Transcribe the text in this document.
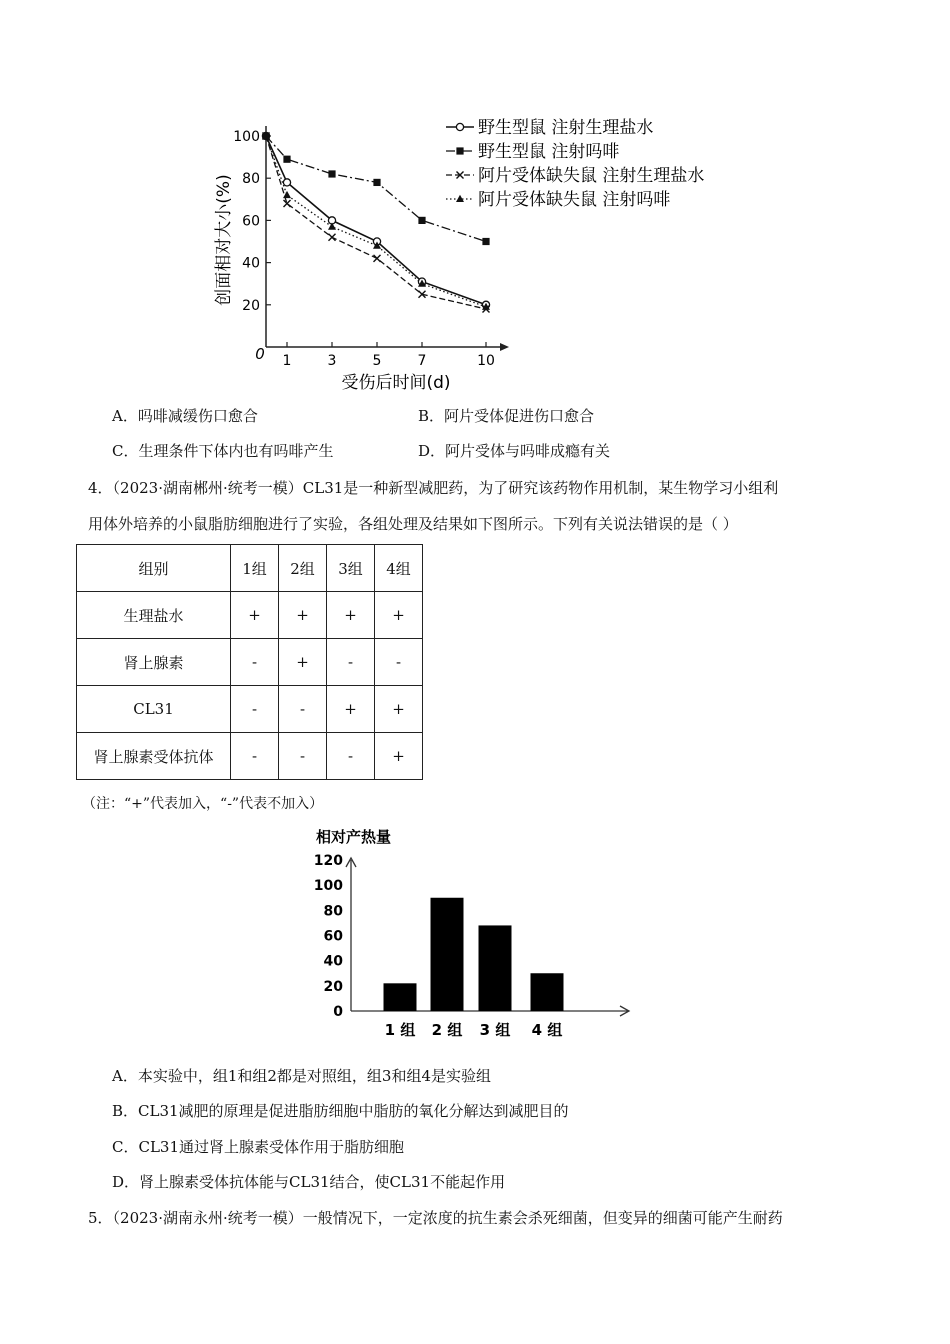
20
40
60
80
100
1	3	5	7	10
创面相对大小(%)
受伤后时间(d)
0
野生型鼠 注射生理盐水
野生型鼠 注射吗啡
阿片受体缺失鼠 注射生理盐水
阿片受体缺失鼠 注射吗啡
A．吗啡减缓伤口愈合	B．阿片受体促进伤口愈合
C．生理条件下体内也有吗啡产生	D．阿片受体与吗啡成瘾有关
4．（2023·湖南郴州·统考一模）CL31是一种新型减肥药，为了研究该药物作用机制，某生物学习小组利
用体外培养的小鼠脂肪细胞进行了实验，各组处理及结果如下图所示。下列有关说法错误的是（ ）
组别	1组	2组	3组	4组
生理盐水	+	+	+	+
肾上腺素	-	+	-	-
CL31	-	-	+	+
肾上腺素受体抗体	-	-	-	+
（注：“+”代表加入，“-”代表不加入）
相对产热量
0
20
40
60
80
100
120
1 组 2 组 3 组 4 组
A．本实验中，组1和组2都是对照组，组3和组4是实验组
B．CL31减肥的原理是促进脂肪细胞中脂肪的氧化分解达到减肥目的
C．CL31通过肾上腺素受体作用于脂肪细胞
D．肾上腺素受体抗体能与CL31结合，使CL31不能起作用
5．（2023·湖南永州·统考一模）一般情况下，一定浓度的抗生素会杀死细菌，但变异的细菌可能产生耐药
